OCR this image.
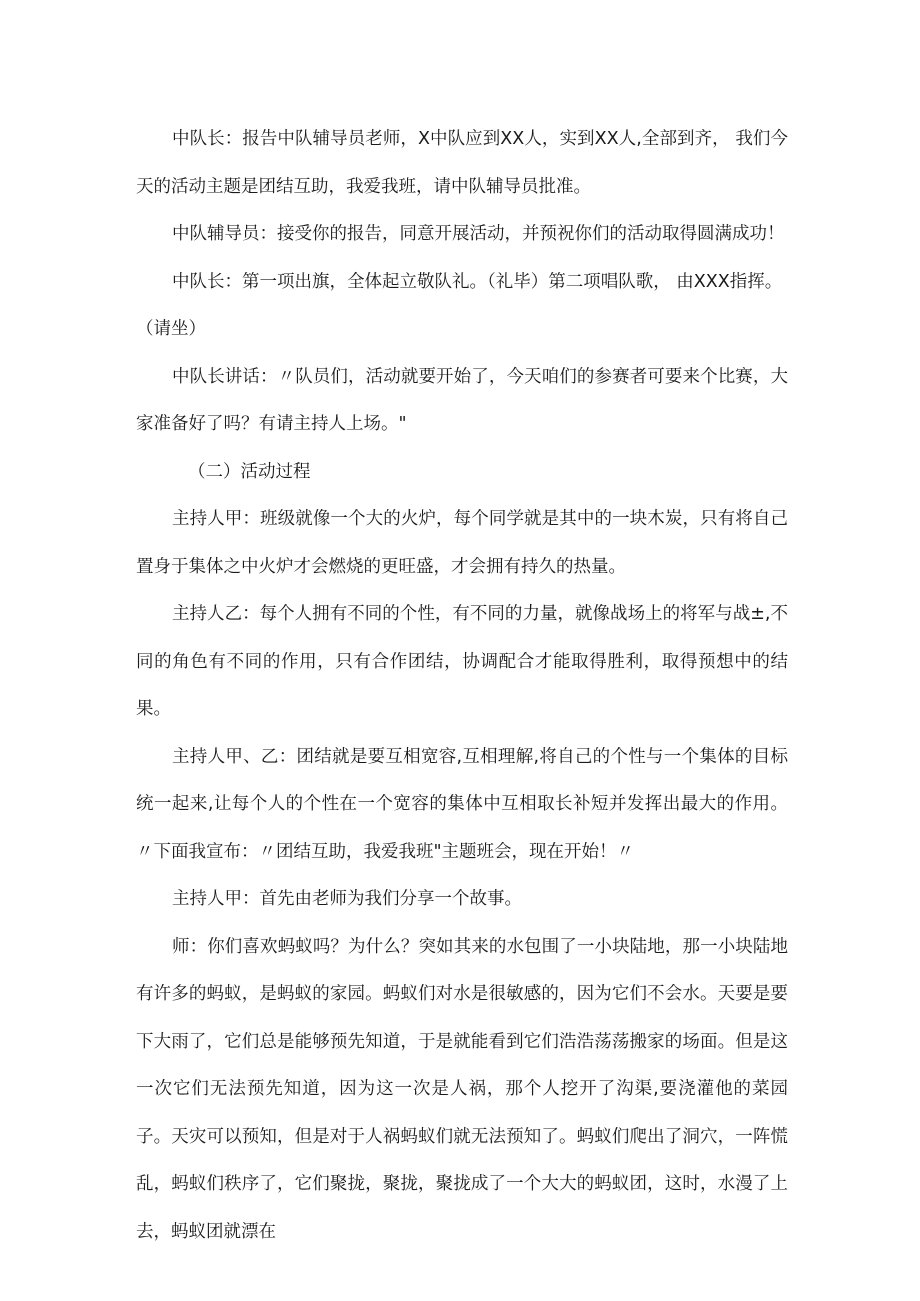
中队长：报告中队辅导员老师，X中队应到XX人，实到XX人,全部到齐， 我们今天的活动主题是团结互助，我爱我班，请中队辅导员批准。

中队辅导员：接受你的报告，同意开展活动，并预祝你们的活动取得圆满成功！

中队长：第一项出旗，全体起立敬队礼。（礼毕）第二项唱队歌， 由XXX指挥。

（请坐）

中队长讲话：〃队员们，活动就要开始了，今天咱们的参赛者可要来个比赛，大家准备好了吗？有请主持人上场。"

（二）活动过程

主持人甲：班级就像一个大的火炉，每个同学就是其中的一块木炭，只有将自己置身于集体之中火炉才会燃烧的更旺盛，才会拥有持久的热量。

主持人乙：每个人拥有不同的个性，有不同的力量，就像战场上的将军与战±,不同的角色有不同的作用，只有合作团结，协调配合才能取得胜利，取得预想中的结果。

主持人甲、乙：团结就是要互相宽容,互相理解,将自己的个性与一个集体的目标统一起来,让每个人的个性在一个宽容的集体中互相取长补短并发挥出最大的作用。〃下面我宣布：〃团结互助，我爱我班"主题班会，现在开始！〃

主持人甲：首先由老师为我们分享一个故事。

师：你们喜欢蚂蚁吗？为什么？突如其来的水包围了一小块陆地，那一小块陆地有许多的蚂蚁，是蚂蚁的家园。蚂蚁们对水是很敏感的，因为它们不会水。天要是要下大雨了，它们总是能够预先知道，于是就能看到它们浩浩荡荡搬家的场面。但是这一次它们无法预先知道，因为这一次是人祸，那个人挖开了沟渠,要浇灌他的菜园子。天灾可以预知，但是对于人祸蚂蚁们就无法预知了。蚂蚁们爬出了洞穴，一阵慌乱，蚂蚁们秩序了，它们聚拢，聚拢，聚拢成了一个大大的蚂蚁团，这时，水漫了上去，蚂蚁团就漂在
